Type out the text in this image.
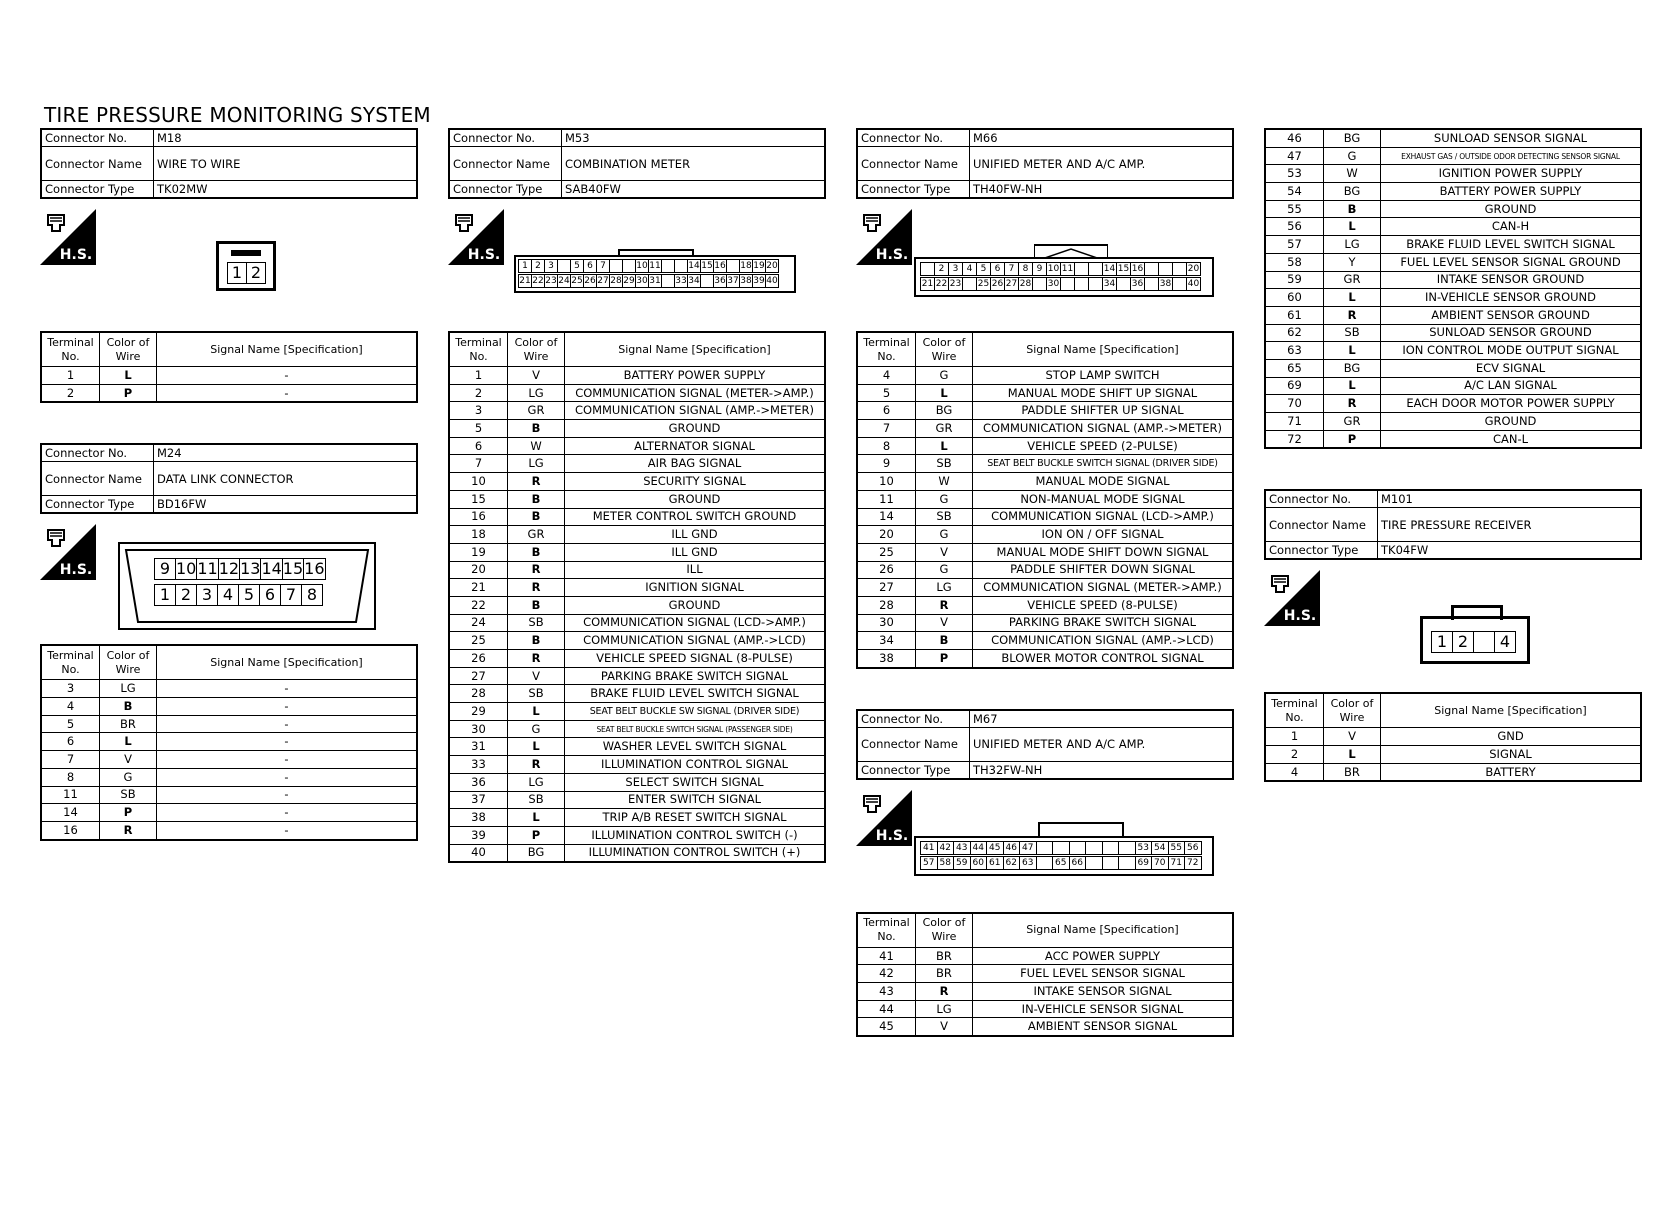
TIRE PRESSURE MONITORING SYSTEM
Connector No.	M18
Connector Name	WIRE TO WIRE
Connector Type	TK02MW
H.S.
1	2
Terminal No.	Color of Wire	Signal Name [Specification]
1	L	-
2	P	-
Connector No.	M24
Connector Name	DATA LINK CONNECTOR
Connector Type	BD16FW
H.S.	9	10	11	12	13	14	15	16
1	2	3	4	5	6	7	8
Terminal No.	Color of Wire	Signal Name [Specification]
3	LG	-
4	B	-
5	BR	-
6	L	-
7	V	-
8	G	-
11	SB	-
14	P	-
16	R	-
Connector No.	M53
Connector Name	COMBINATION METER
Connector Type	SAB40FW
H.S.
1	2	3		5	6	7			10	11			14	15	16		18	19	20
21	22	23	24	25	26	27	28	29	30	31		33	34		36	37	38	39	40
Terminal No.	Color of Wire	Signal Name [Specification]
1	V	BATTERY POWER SUPPLY
2	LG	COMMUNICATION SIGNAL (METER->AMP.)
3	GR	COMMUNICATION SIGNAL (AMP.->METER)
5	B	GROUND
6	W	ALTERNATOR SIGNAL
7	LG	AIR BAG SIGNAL
10	R	SECURITY SIGNAL
15	B	GROUND
16	B	METER CONTROL SWITCH GROUND
18	GR	ILL GND
19	B	ILL GND
20	R	ILL
21	R	IGNITION SIGNAL
22	B	GROUND
24	SB	COMMUNICATION SIGNAL (LCD->AMP.)
25	B	COMMUNICATION SIGNAL (AMP.->LCD)
26	R	VEHICLE SPEED SIGNAL (8-PULSE)
27	V	PARKING BRAKE SWITCH SIGNAL
28	SB	BRAKE FLUID LEVEL SWITCH SIGNAL
29	L	SEAT BELT BUCKLE SW SIGNAL (DRIVER SIDE)
30	G	SEAT BELT BUCKLE SWITCH SIGNAL (PASSENGER SIDE)
31	L	WASHER LEVEL SWITCH SIGNAL
33	R	ILLUMINATION CONTROL SIGNAL
36	LG	SELECT SWITCH SIGNAL
37	SB	ENTER SWITCH SIGNAL
38	L	TRIP A/B RESET SWITCH SIGNAL
39	P	ILLUMINATION CONTROL SWITCH (-)
40	BG	ILLUMINATION CONTROL SWITCH (+)
Connector No.	M66
Connector Name	UNIFIED METER AND A/C AMP.
Connector Type	TH40FW-NH
H.S.
	2	3	4	5	6	7	8	9	10	11			14	15	16				20
21	22	23		25	26	27	28		30				34		36		38		40
Terminal No.	Color of Wire	Signal Name [Specification]
4	G	STOP LAMP SWITCH
5	L	MANUAL MODE SHIFT UP SIGNAL
6	BG	PADDLE SHIFTER UP SIGNAL
7	GR	COMMUNICATION SIGNAL (AMP.->METER)
8	L	VEHICLE SPEED (2-PULSE)
9	SB	SEAT BELT BUCKLE SWITCH SIGNAL (DRIVER SIDE)
10	W	MANUAL MODE SIGNAL
11	G	NON-MANUAL MODE SIGNAL
14	SB	COMMUNICATION SIGNAL (LCD->AMP.)
20	G	ION ON / OFF SIGNAL
25	V	MANUAL MODE SHIFT DOWN SIGNAL
26	G	PADDLE SHIFTER DOWN SIGNAL
27	LG	COMMUNICATION SIGNAL (METER->AMP.)
28	R	VEHICLE SPEED (8-PULSE)
30	V	PARKING BRAKE SWITCH SIGNAL
34	B	COMMUNICATION SIGNAL (AMP.->LCD)
38	P	BLOWER MOTOR CONTROL SIGNAL
Connector No.	M67
Connector Name	UNIFIED METER AND A/C AMP.
Connector Type	TH32FW-NH
H.S.
41	42	43	44	45	46	47							53	54	55	56
57	58	59	60	61	62	63		65	66				69	70	71	72
Terminal No.	Color of Wire	Signal Name [Specification]
41	BR	ACC POWER SUPPLY
42	BR	FUEL LEVEL SENSOR SIGNAL
43	R	INTAKE SENSOR SIGNAL
44	LG	IN-VEHICLE SENSOR SIGNAL
45	V	AMBIENT SENSOR SIGNAL
46	BG	SUNLOAD SENSOR SIGNAL
47	G	EXHAUST GAS / OUTSIDE ODOR DETECTING SENSOR SIGNAL
53	W	IGNITION POWER SUPPLY
54	BG	BATTERY POWER SUPPLY
55	B	GROUND
56	L	CAN-H
57	LG	BRAKE FLUID LEVEL SWITCH SIGNAL
58	Y	FUEL LEVEL SENSOR SIGNAL GROUND
59	GR	INTAKE SENSOR GROUND
60	L	IN-VEHICLE SENSOR GROUND
61	R	AMBIENT SENSOR GROUND
62	SB	SUNLOAD SENSOR GROUND
63	L	ION CONTROL MODE OUTPUT SIGNAL
65	BG	ECV SIGNAL
69	L	A/C LAN SIGNAL
70	R	EACH DOOR MOTOR POWER SUPPLY
71	GR	GROUND
72	P	CAN-L
Connector No.	M101
Connector Name	TIRE PRESSURE RECEIVER
Connector Type	TK04FW
H.S.
1	2		4
Terminal No.	Color of Wire	Signal Name [Specification]
1	V	GND
2	L	SIGNAL
4	BR	BATTERY
